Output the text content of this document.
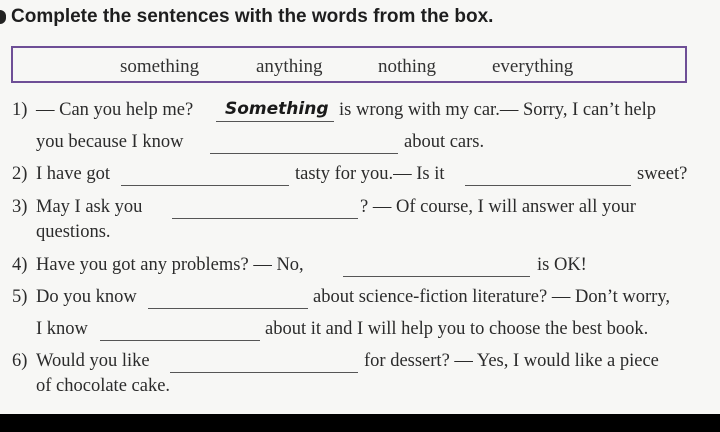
Complete the sentences with the words from the box.
something	anything	nothing	everything
1) — Can you help me? Something is wrong with my car.— Sorry, I can’t help
you because I know	about cars.
2) I have got	tasty for you.— Is it	sweet?
3) May I ask you	? — Of course, I will answer all your
questions.
4) Have you got any problems? — No,	is OK!
5) Do you know	about science-fiction literature? — Don’t worry,
I know	about it and I will help you to choose the best book.
6) Would you like	for dessert? — Yes, I would like a piece
of chocolate cake.
